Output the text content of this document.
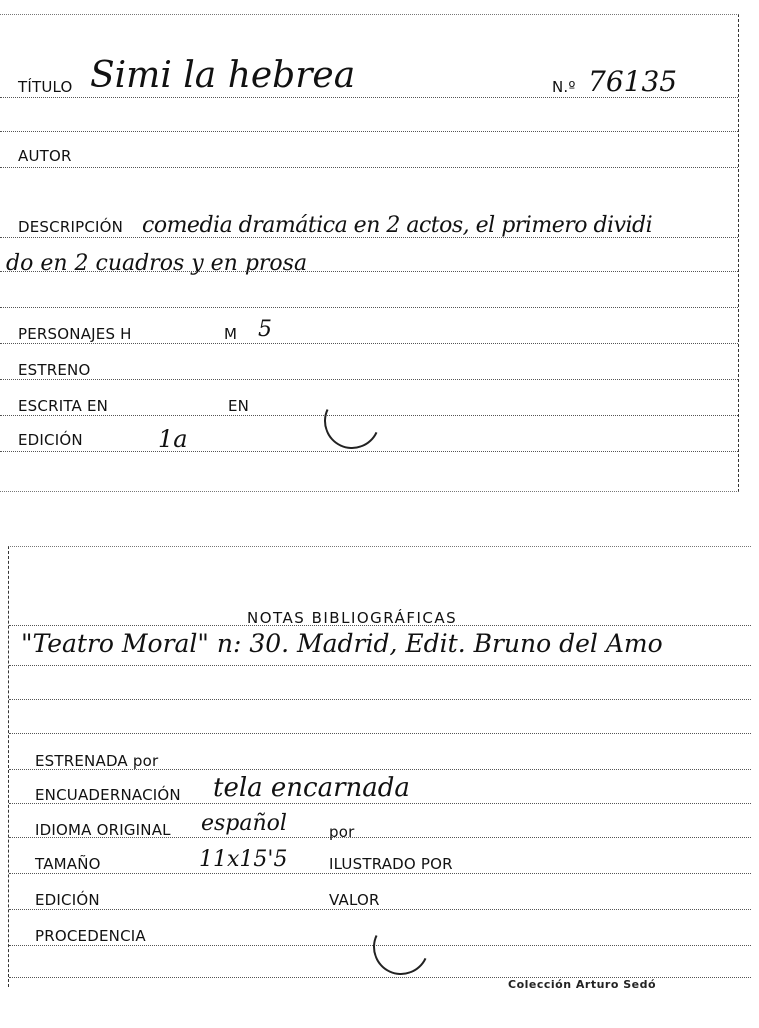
TÍTULO Simi la hebrea	N.º 76135
AUTOR
DESCRIPCIÓN comedia dramática en 2 actos, el primero dividi
do en 2 cuadros y en prosa
PERSONAJES H	M 5
ESTRENO
ESCRITA EN	EN
EDICIÓN	1a
NOTAS BIBLIOGRÁFICAS
"Teatro Moral" n: 30. Madrid, Edit. Bruno del Amo
ESTRENADA por
ENCUADERNACIÓN tela encarnada
IDIOMA ORIGINAL español	por
TAMAÑO	11x15'5	ILUSTRADO POR
EDICIÓN	VALOR
PROCEDENCIA
Colección Arturo Sedó
